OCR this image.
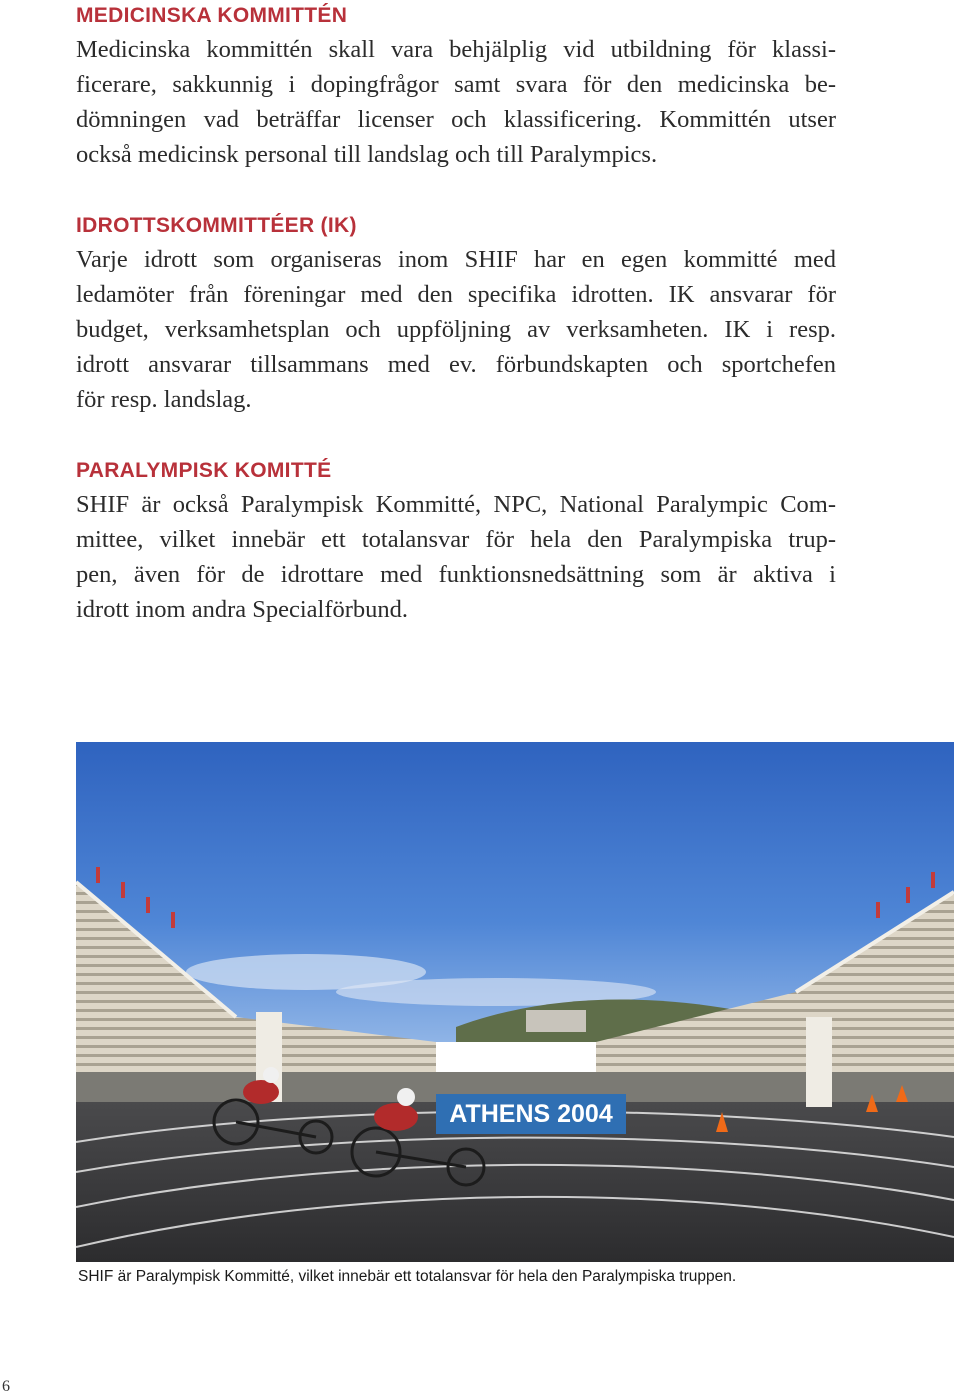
MEDICINSKA KOMMITTÉN

Medicinska kommittén skall vara behjälplig vid utbildning för klassi-
ficerare, sakkunnig i dopingfrågor samt svara för den medicinska be-
dömningen vad beträffar licenser och klassificering. Kommittén utser
också medicinsk personal till landslag och till Paralympics.

IDROTTSKOMMITTÉER (IK)

Varje idrott som organiseras inom SHIF har en egen kommitté med
ledamöter från föreningar med den specifika idrotten. IK ansvarar för
budget, verksamhetsplan och uppföljning av verksamheten. IK i resp.
idrott ansvarar tillsammans med ev. förbundskapten och sportchefen
för resp. landslag.

PARALYMPISK KOMITTÉ

SHIF är också Paralympisk Kommitté, NPC, National Paralympic Com-
mittee, vilket innebär ett totalansvar för hela den Paralympiska trup-
pen, även för de idrottare med funktionsnedsättning som är aktiva i
idrott inom andra Specialförbund.

ATHENS 2004
SHIF är Paralympisk Kommitté, vilket innebär ett totalansvar för hela den Paralympiska truppen.
6
